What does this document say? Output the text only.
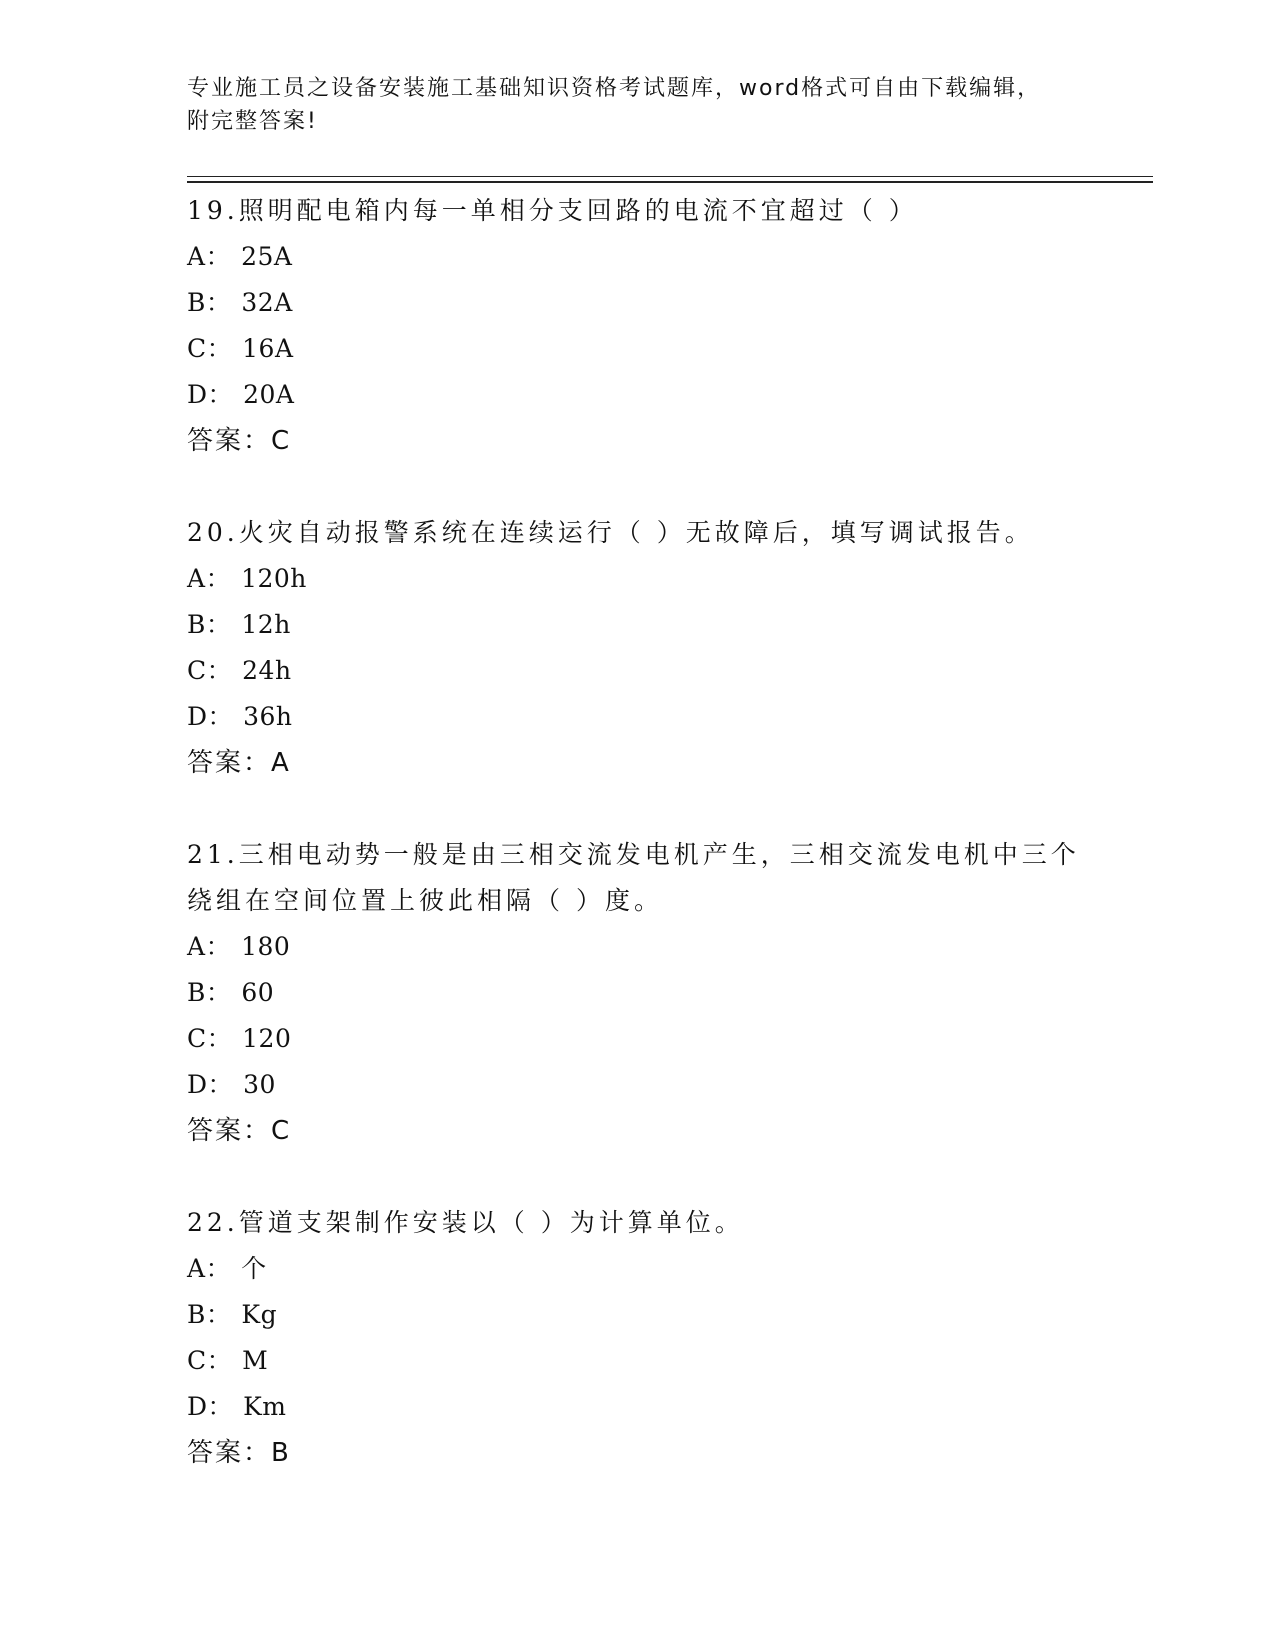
专业施工员之设备安装施工基础知识资格考试题库，word格式可自由下载编辑，
附完整答案!

19.照明配电箱内每一单相分支回路的电流不宜超过（ ）

A： 25A

B： 32A

C： 16A

D： 20A

答案：C

20.火灾自动报警系统在连续运行（ ）无故障后，填写调试报告。

A： 120h

B： 12h

C： 24h

D： 36h

答案：A

21.三相电动势一般是由三相交流发电机产生，三相交流发电机中三个绕组在空间位置上彼此相隔（ ）度。

A： 180

B： 60

C： 120

D： 30

答案：C

22.管道支架制作安装以（ ）为计算单位。

A： 个

B： Kg

C： M

D： Km

答案：B
